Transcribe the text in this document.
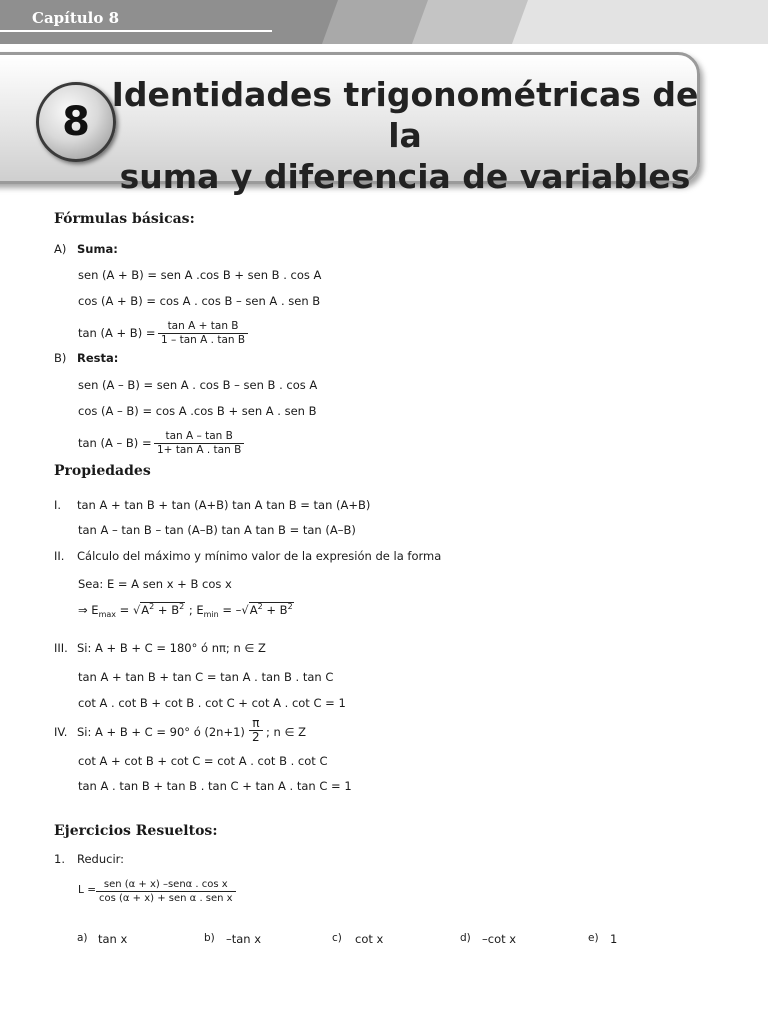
Capítulo 8
8
Identidades trigonométricas de la
suma y diferencia de variables
Fórmulas básicas:
A) Suma:
sen (A + B) = sen A .cos B + sen B . cos A
cos (A + B) = cos A . cos B – sen A . sen B
$\tan (A + B) = \frac{\text{tan A + tan B}}{\text{1 – tan A . tan B}}$
B) Resta:
sen (A – B) = sen A . cos B – sen B . cos A
cos (A – B) = cos A .cos B + sen A . sen B
$\tan (A - B) = \frac{\text{tan A – tan B}}{\text{1+ tan A . tan B}}$
Propiedades
I. tan A + tan B + tan (A+B) tan A tan B = tan (A+B)
tan A – tan B – tan (A–B) tan A tan B = tan (A–B)
II. Cálculo del máximo y mínimo valor de la expresión de la forma
Sea: E = A sen x + B cos x
⇒ $E_{max} = √A^2 + B^2$ ; $E_{min} = -√A^2 + B^2$
III. Si: A + B + C = 180° ó nπ; n ∈ Z
tan A + tan B + tan C = tan A . tan B . tan C
cot A . cot B + cot B . cot C + cot A . cot C = 1
IV. Si: A + B + C = 90° ó $(2n+1) \frac{\pi}{2}$ ; n ∈ Z
cot A + cot B + cot C = cot A . cot B . cot C
tan A . tan B + tan B . tan C + tan A . tan C = 1
Ejercicios Resueltos:
1. Reducir:
L = sen (α + x) –senα . cos x
cos (α + x) + sen α . sen x
a) tan x	b) –tan x	c) cot x	d) –cot x	e) 1
